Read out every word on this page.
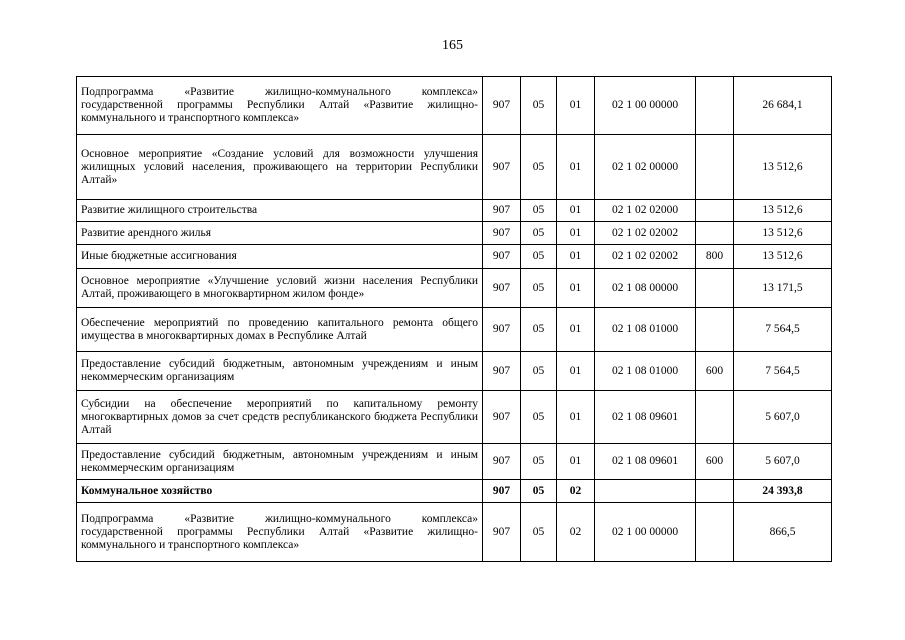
165
Подпрограмма «Развитие жилищно-коммунального комплекса» государственной программы Республики Алтай «Развитие жилищно-коммунального и транспортного комплекса»	907	05	01	02 1 00 00000		26 684,1
Основное мероприятие «Создание условий для возможности улучшения жилищных условий населения, проживающего на территории Республики Алтай»	907	05	01	02 1 02 00000		13 512,6
Развитие жилищного строительства	907	05	01	02 1 02 02000		13 512,6
Развитие арендного жилья	907	05	01	02 1 02 02002		13 512,6
Иные бюджетные ассигнования	907	05	01	02 1 02 02002	800	13 512,6
Основное мероприятие «Улучшение условий жизни населения Республики Алтай, проживающего в многоквартирном жилом фонде»	907	05	01	02 1 08 00000		13 171,5
Обеспечение мероприятий по проведению капитального ремонта общего имущества в многоквартирных домах в Республике Алтай	907	05	01	02 1 08 01000		7 564,5
Предоставление субсидий бюджетным, автономным учреждениям и иным некоммерческим организациям	907	05	01	02 1 08 01000	600	7 564,5
Субсидии на обеспечение мероприятий по капитальному ремонту многоквартирных домов за счет средств республиканского бюджета Республики Алтай	907	05	01	02 1 08 09601		5 607,0
Предоставление субсидий бюджетным, автономным учреждениям и иным некоммерческим организациям	907	05	01	02 1 08 09601	600	5 607,0
Коммунальное хозяйство	907	05	02			24 393,8
Подпрограмма «Развитие жилищно-коммунального комплекса» государственной программы Республики Алтай «Развитие жилищно-коммунального и транспортного комплекса»	907	05	02	02 1 00 00000		866,5
